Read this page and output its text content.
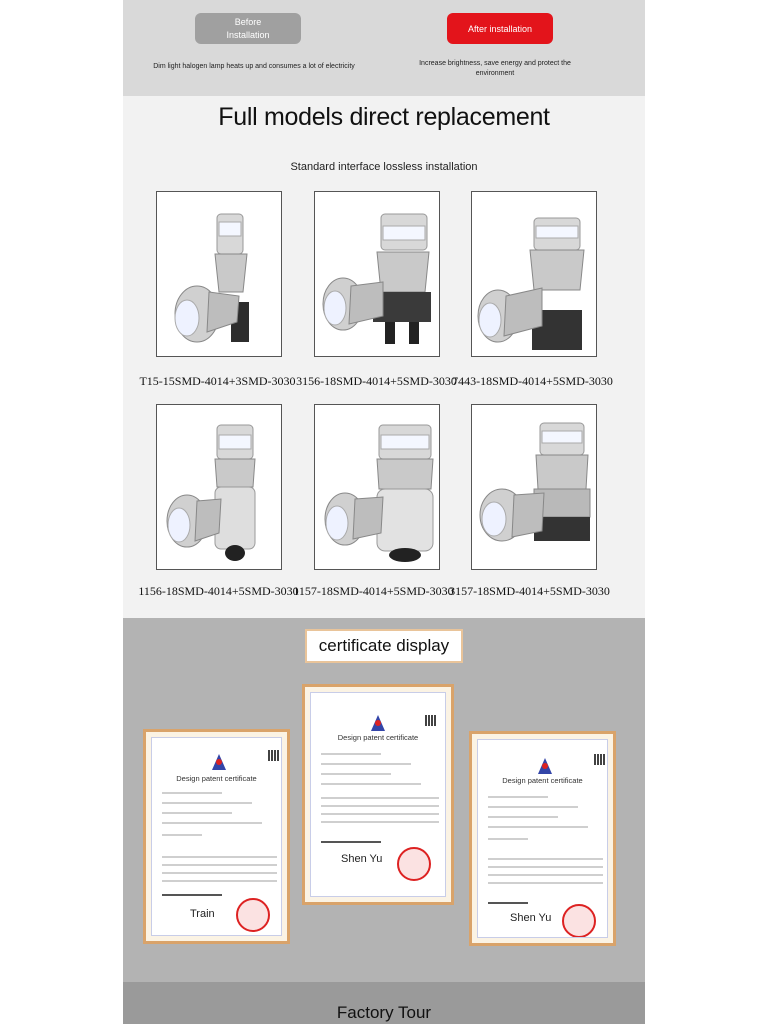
Before
Installation
After installation
Dim light halogen lamp heats up and consumes a lot of electricity	Increase brightness, save energy and protect the environment
Full models direct replacement
Standard interface lossless installation
T15-15SMD-4014+3SMD-3030 3156-18SMD-4014+5SMD-3030
7443-18SMD-4014+5SMD-3030
1156-18SMD-4014+5SMD-3030
1157-18SMD-4014+5SMD-3030
3157-18SMD-4014+5SMD-3030
certificate display
Design patent certificate
Train
Design patent certificate
Shen Yu
Design patent certificate
Shen Yu
Factory Tour
